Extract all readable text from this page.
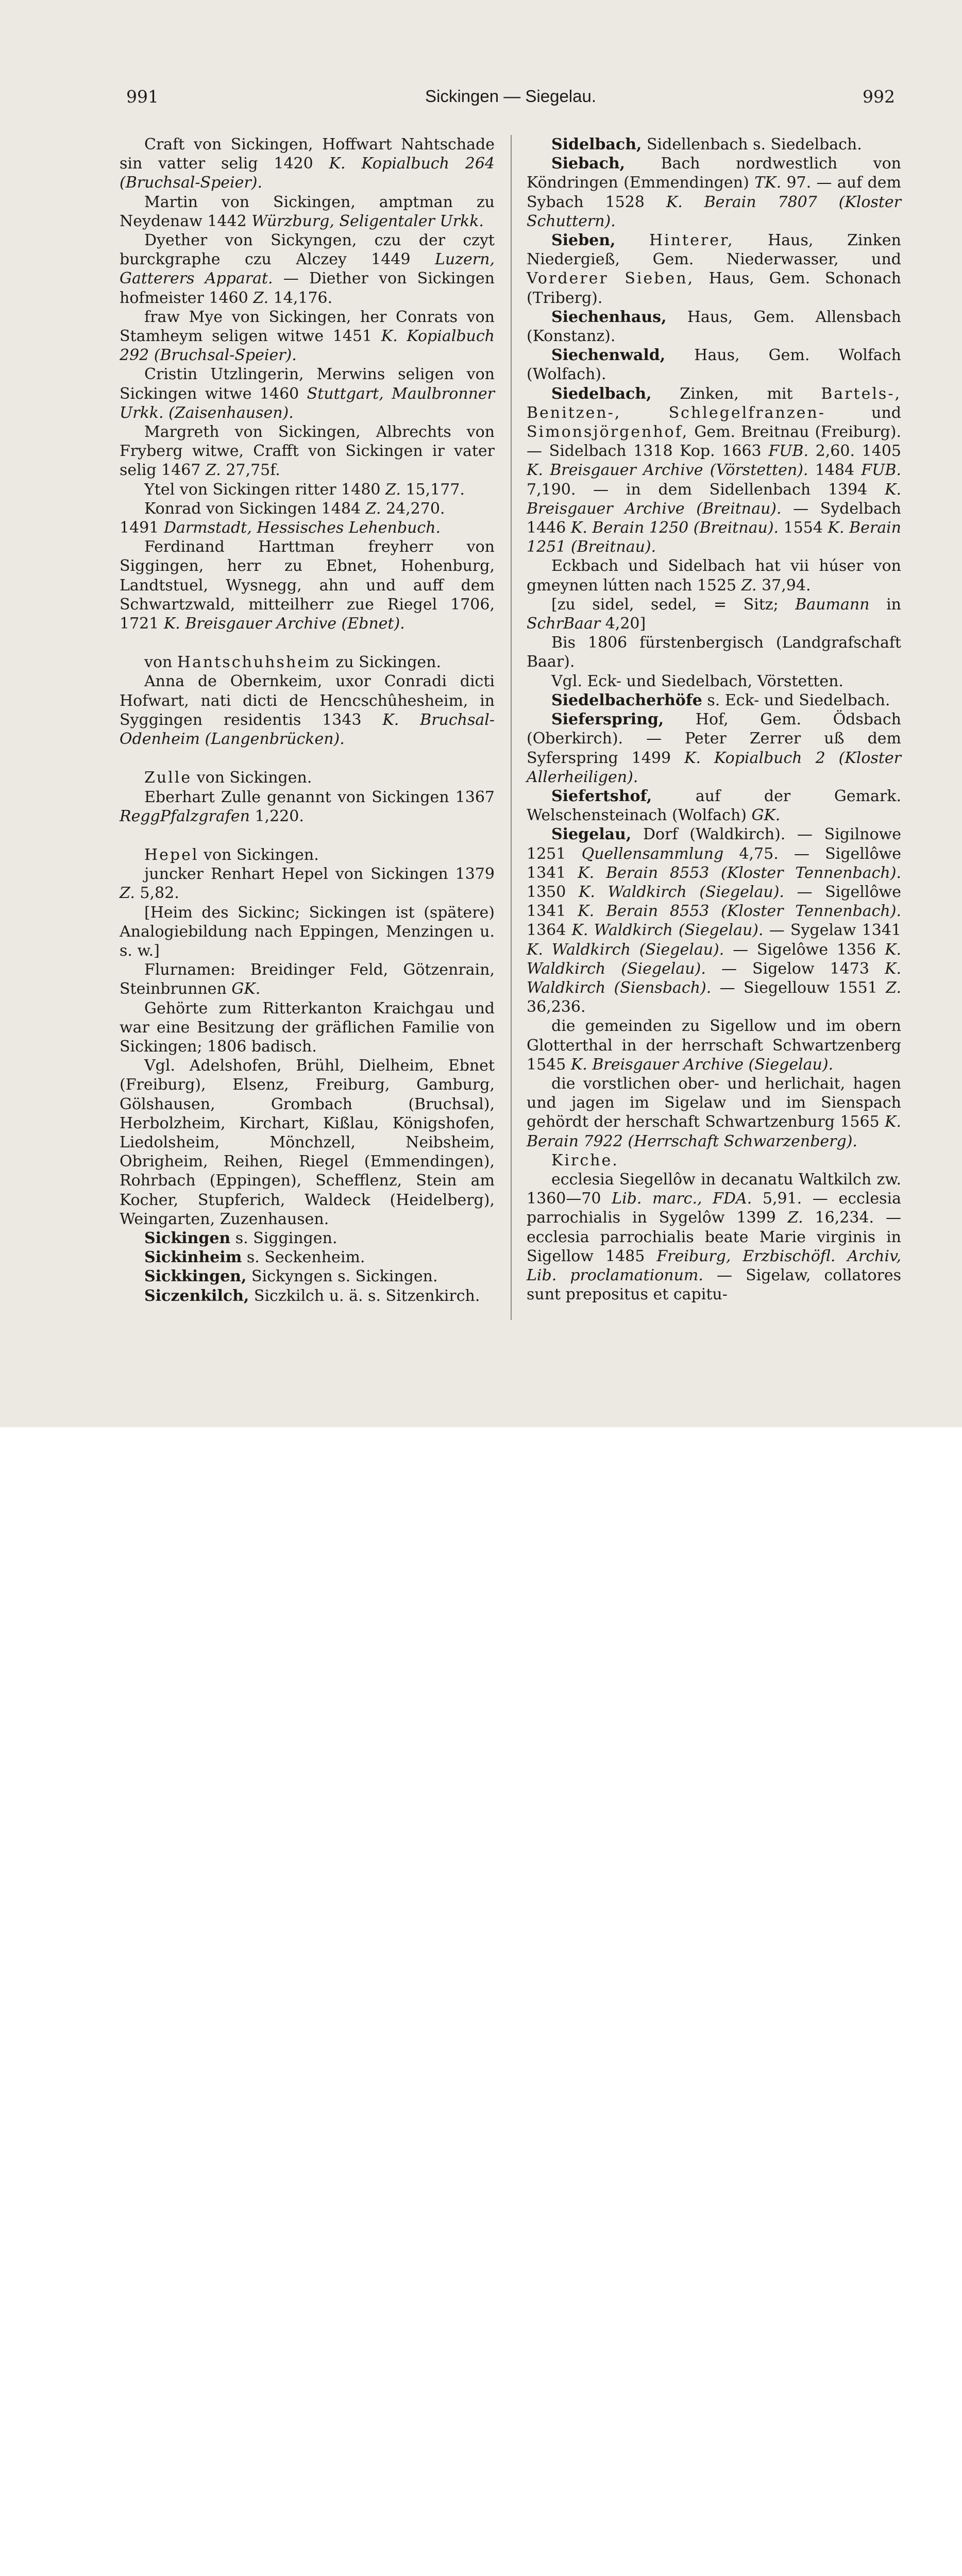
991	Sickingen — Siegelau.	992

Craft von Sickingen, Hoffwart Nahtschade sin vatter selig 1420 K. Kopialbuch 264 (Bruchsal-Speier).

Martin von Sickingen, amptman zu Neydenaw 1442 Würzburg, Seligentaler Urkk.

Dyether von Sickyngen, czu der czyt burckgraphe czu Alczey 1449 Luzern, Gatterers Apparat. — Diether von Sickingen hofmeister 1460 Z. 14,176.

fraw Mye von Sickingen, her Conrats von Stamheym seligen witwe 1451 K. Kopialbuch 292 (Bruchsal-Speier).

Cristin Utzlingerin, Merwins seligen von Sickingen witwe 1460 Stuttgart, Maulbronner Urkk. (Zaisenhausen).

Margreth von Sickingen, Albrechts von Fryberg witwe, Crafft von Sickingen ir vater selig 1467 Z. 27,75f.

Ytel von Sickingen ritter 1480 Z. 15,177.

Konrad von Sickingen 1484 Z. 24,270.

1491 Darmstadt, Hessisches Lehenbuch.

Ferdinand Harttman freyherr von Siggingen, herr zu Ebnet, Hohenburg, Landtstuel, Wysnegg, ahn und auff dem Schwartzwald, mitteilherr zue Riegel 1706, 1721 K. Breisgauer Archive (Ebnet).

von Hantschuhsheim zu Sickingen.

Anna de Obernkeim, uxor Conradi dicti Hofwart, nati dicti de Hencschûhesheim, in Syggingen residentis 1343 K. Bruchsal-Odenheim (Langenbrücken).

Zulle von Sickingen.

Eberhart Zulle genannt von Sickingen 1367 ReggPfalzgrafen 1,220.

Hepel von Sickingen.

juncker Renhart Hepel von Sickingen 1379 Z. 5,82.

[Heim des Sickinc; Sickingen ist (spätere) Analogiebildung nach Eppingen, Menzingen u. s. w.]

Flurnamen: Breidinger Feld, Götzenrain, Steinbrunnen GK.

Gehörte zum Ritterkanton Kraichgau und war eine Besitzung der gräflichen Familie von Sickingen; 1806 badisch.

Vgl. Adelshofen, Brühl, Dielheim, Ebnet (Freiburg), Elsenz, Freiburg, Gamburg, Gölshausen, Grombach (Bruchsal), Herbolzheim, Kirchart, Kißlau, Königshofen, Liedolsheim, Mönchzell, Neibsheim, Obrigheim, Reihen, Riegel (Emmendingen), Rohrbach (Eppingen), Schefflenz, Stein am Kocher, Stupferich, Waldeck (Heidelberg), Weingarten, Zuzenhausen.

Sickingen s. Siggingen.

Sickinheim s. Seckenheim.

Sickkingen, Sickyngen s. Sickingen.

Siczenkilch, Siczkilch u. ä. s. Sitzenkirch.

Sidelbach, Sidellenbach s. Siedelbach.

Siebach, Bach nordwestlich von Köndringen (Emmendingen) TK. 97. — auf dem Sybach 1528 K. Berain 7807 (Kloster Schuttern).

Sieben, Hinterer, Haus, Zinken Niedergieß, Gem. Niederwasser, und Vorderer Sieben, Haus, Gem. Schonach (Triberg).

Siechenhaus, Haus, Gem. Allensbach (Konstanz).

Siechenwald, Haus, Gem. Wolfach (Wolfach).

Siedelbach, Zinken, mit Bartels-, Benitzen-, Schlegelfranzen- und Simonsjörgenhof, Gem. Breitnau (Freiburg). — Sidelbach 1318 Kop. 1663 FUB. 2,60. 1405 K. Breisgauer Archive (Vörstetten). 1484 FUB. 7,190. — in dem Sidellenbach 1394 K. Breisgauer Archive (Breitnau). — Sydelbach 1446 K. Berain 1250 (Breitnau). 1554 K. Berain 1251 (Breitnau).

Eckbach und Sidelbach hat vii húser von gmeynen lútten nach 1525 Z. 37,94.

[zu sidel, sedel, = Sitz; Baumann in SchrBaar 4,20]

Bis 1806 fürstenbergisch (Landgrafschaft Baar).

Vgl. Eck- und Siedelbach, Vörstetten.

Siedelbacherhöfe s. Eck- und Siedelbach.

Sieferspring, Hof, Gem. Ödsbach (Oberkirch). — Peter Zerrer uß dem Syferspring 1499 K. Kopialbuch 2 (Kloster Allerheiligen).

Siefertshof, auf der Gemark. Welschensteinach (Wolfach) GK.

Siegelau, Dorf (Waldkirch). — Sigilnowe 1251 Quellensammlung 4,75. — Sigellôwe 1341 K. Berain 8553 (Kloster Tennenbach). 1350 K. Waldkirch (Siegelau). — Sigellôwe 1341 K. Berain 8553 (Kloster Tennenbach). 1364 K. Waldkirch (Siegelau). — Sygelaw 1341 K. Waldkirch (Siegelau). — Sigelôwe 1356 K. Waldkirch (Siegelau). — Sigelow 1473 K. Waldkirch (Siensbach). — Siegellouw 1551 Z. 36,236.

die gemeinden zu Sigellow und im obern Glotterthal in der herrschaft Schwartzenberg 1545 K. Breisgauer Archive (Siegelau).

die vorstlichen ober- und herlichait, hagen und jagen im Sigelaw und im Sienspach gehördt der herschaft Schwartzenburg 1565 K. Berain 7922 (Herrschaft Schwarzenberg).

Kirche.

ecclesia Siegellôw in decanatu Waltkilch zw. 1360—70 Lib. marc., FDA. 5,91. — ecclesia parrochialis in Sygelôw 1399 Z. 16,234. — ecclesia parrochialis beate Marie virginis in Sigellow 1485 Freiburg, Erzbischöfl. Archiv, Lib. proclamationum. — Sigelaw, collatores sunt prepositus et capitu-
